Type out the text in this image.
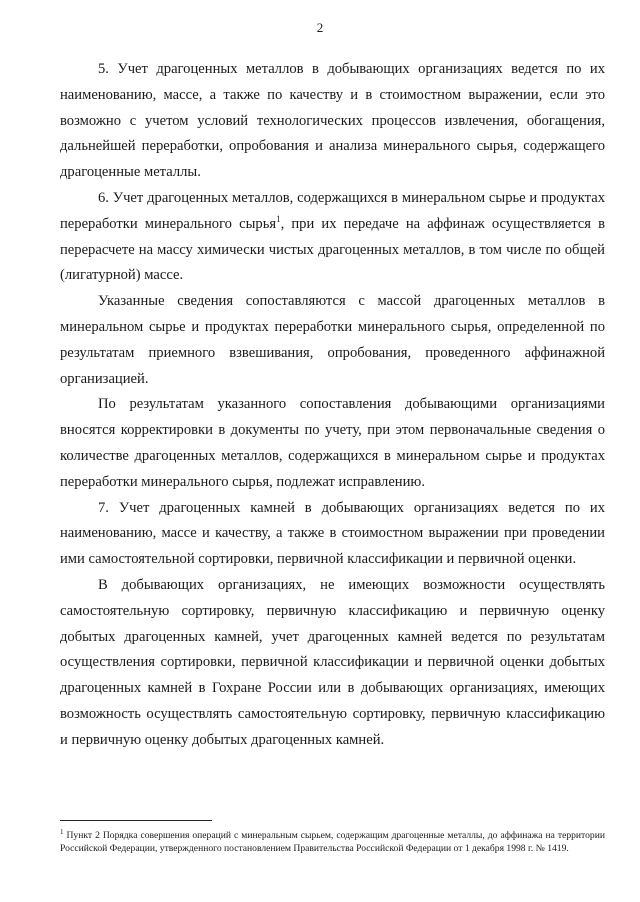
2

5. Учет драгоценных металлов в добывающих организациях ведется по их наименованию, массе, а также по качеству и в стоимостном выражении, если это возможно с учетом условий технологических процессов извлечения, обогащения, дальнейшей переработки, опробования и анализа минерального сырья, содержащего драгоценные металлы.

6. Учет драгоценных металлов, содержащихся в минеральном сырье и продуктах переработки минерального сырья$^1$, при их передаче на аффинаж осуществляется в перерасчете на массу химически чистых драгоценных металлов, в том числе по общей (лигатурной) массе.

Указанные сведения сопоставляются с массой драгоценных металлов в минеральном сырье и продуктах переработки минерального сырья, определенной по результатам приемного взвешивания, опробования, проведенного аффинажной организацией.

По результатам указанного сопоставления добывающими организациями вносятся корректировки в документы по учету, при этом первоначальные сведения о количестве драгоценных металлов, содержащихся в минеральном сырье и продуктах переработки минерального сырья, подлежат исправлению.

7. Учет драгоценных камней в добывающих организациях ведется по их наименованию, массе и качеству, а также в стоимостном выражении при проведении ими самостоятельной сортировки, первичной классификации и первичной оценки.

В добывающих организациях, не имеющих возможности осуществлять самостоятельную сортировку, первичную классификацию и первичную оценку добытых драгоценных камней, учет драгоценных камней ведется по результатам осуществления сортировки, первичной классификации и первичной оценки добытых драгоценных камней в Гохране России или в добывающих организациях, имеющих возможность осуществлять самостоятельную сортировку, первичную классификацию и первичную оценку добытых драгоценных камней.

$^1$ Пункт 2 Порядка совершения операций с минеральным сырьем, содержащим драгоценные металлы, до аффинажа на территории Российской Федерации, утвержденного постановлением Правительства Российской Федерации от 1 декабря 1998 г. № 1419.
